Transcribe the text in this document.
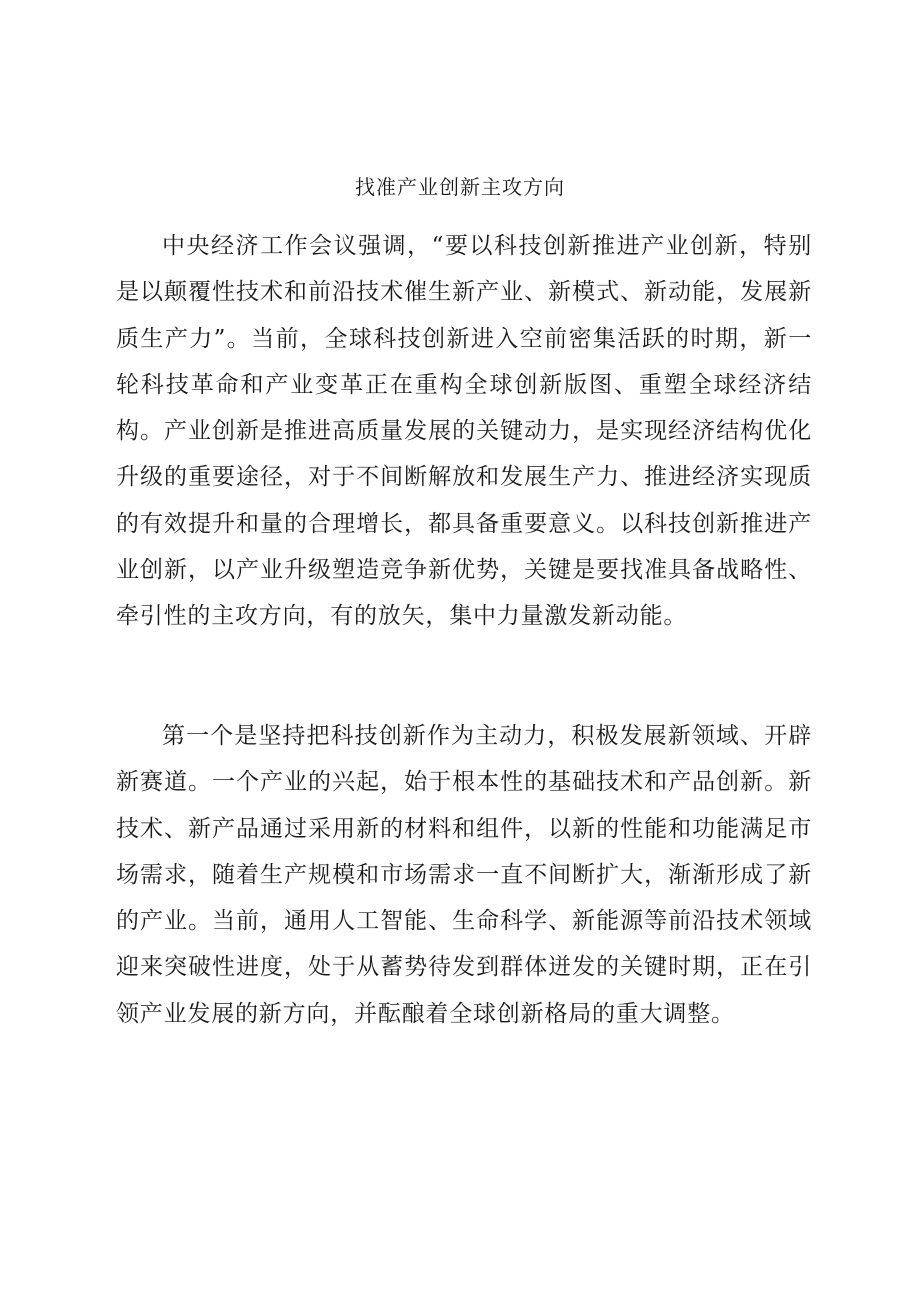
找准产业创新主攻方向

中央经济工作会议强调，“要以科技创新推进产业创新，特别是以颠覆性技术和前沿技术催生新产业、新模式、新动能，发展新质生产力”。当前，全球科技创新进入空前密集活跃的时期，新一轮科技革命和产业变革正在重构全球创新版图、重塑全球经济结构。产业创新是推进高质量发展的关键动力，是实现经济结构优化升级的重要途径，对于不间断解放和发展生产力、推进经济实现质的有效提升和量的合理增长，都具备重要意义。以科技创新推进产业创新，以产业升级塑造竞争新优势，关键是要找准具备战略性、牵引性的主攻方向，有的放矢，集中力量激发新动能。

第一个是坚持把科技创新作为主动力，积极发展新领域、开辟新赛道。一个产业的兴起，始于根本性的基础技术和产品创新。新技术、新产品通过采用新的材料和组件，以新的性能和功能满足市场需求，随着生产规模和市场需求一直不间断扩大，渐渐形成了新的产业。当前，通用人工智能、生命科学、新能源等前沿技术领域迎来突破性进度，处于从蓄势待发到群体迸发的关键时期，正在引领产业发展的新方向，并酝酿着全球创新格局的重大调整。
